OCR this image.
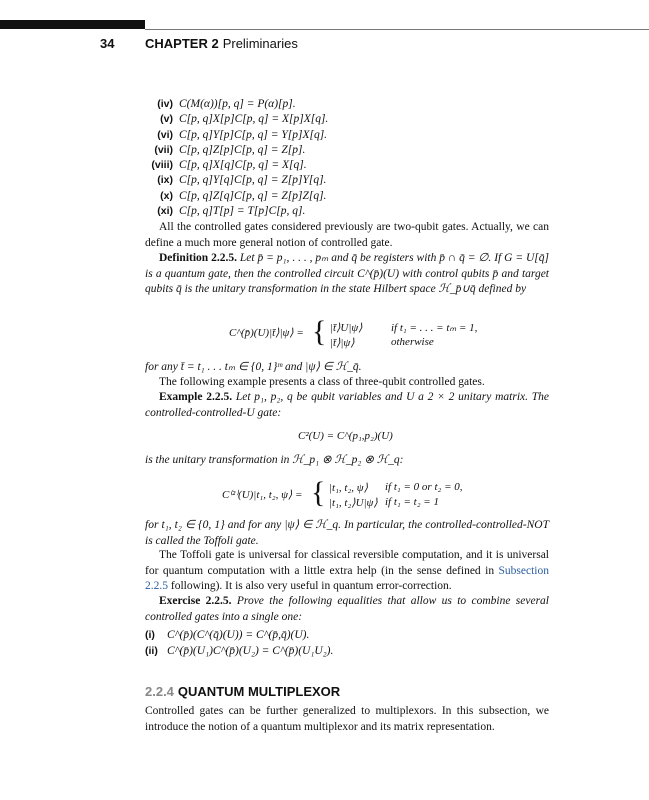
34 CHAPTER 2 Preliminaries
(iv) C(M(α))[p, q] = P(α)[p].
(v) C[p, q]X[p]C[p, q] = X[p]X[q].
(vi) C[p, q]Y[p]C[p, q] = Y[p]X[q].
(vii) C[p, q]Z[p]C[p, q] = Z[p].
(viii) C[p, q]X[q]C[p, q] = X[q].
(ix) C[p, q]Y[q]C[p, q] = Z[p]Y[q].
(x) C[p, q]Z[q]C[p, q] = Z[p]Z[q].
(xi) C[p, q]T[p] = T[p]C[p, q].
All the controlled gates considered previously are two-qubit gates. Actually, we can define a much more general notion of controlled gate.
Definition 2.2.5. Let p̄ = p₁, . . . , pₘ and q̄ be registers with p̄ ∩ q̄ = ∅. If G = U[q̄] is a quantum gate, then the controlled circuit C^(p̄)(U) with control qubits p̄ and target qubits q̄ is the unitary transformation in the state Hilbert space ℋ_p̄∪q̄ defined by
C^(p̄)(U)|t̄⟩|ψ⟩ = { |t̄⟩U|ψ⟩	if t₁ = . . . = tₘ = 1,
|t̄⟩|ψ⟩	otherwise
for any t̄ = t₁ . . . tₘ ∈ {0, 1}ᵐ and |ψ⟩ ∈ ℋ_q̄.
The following example presents a class of three-qubit controlled gates.
Example 2.2.5. Let p₁, p₂, q be qubit variables and U a 2 × 2 unitary matrix. The controlled-controlled-U gate:
C²(U) = C^(p₁,p₂)(U)
is the unitary transformation in ℋ_p₁ ⊗ ℋ_p₂ ⊗ ℋ_q:
C⁽²⁾(U)|t₁, t₂, ψ⟩ = { |t₁, t₂, ψ⟩ if t₁ = 0 or t₂ = 0,
|t₁, t₂⟩U|ψ⟩ if t₁ = t₂ = 1
for t₁, t₂ ∈ {0, 1} and for any |ψ⟩ ∈ ℋ_q. In particular, the controlled-controlled-NOT is called the Toffoli gate.
The Toffoli gate is universal for classical reversible computation, and it is universal for quantum computation with a little extra help (in the sense defined in Subsection 2.2.5 following). It is also very useful in quantum error-correction.
Exercise 2.2.5. Prove the following equalities that allow us to combine several controlled gates into a single one:
(i) C^(p̄)(C^(q̄)(U)) = C^(p̄,q̄)(U).
(ii) C^(p̄)(U₁)C^(p̄)(U₂) = C^(p̄)(U₁U₂).
2.2.4 QUANTUM MULTIPLEXOR
Controlled gates can be further generalized to multiplexors. In this subsection, we introduce the notion of a quantum multiplexor and its matrix representation.
